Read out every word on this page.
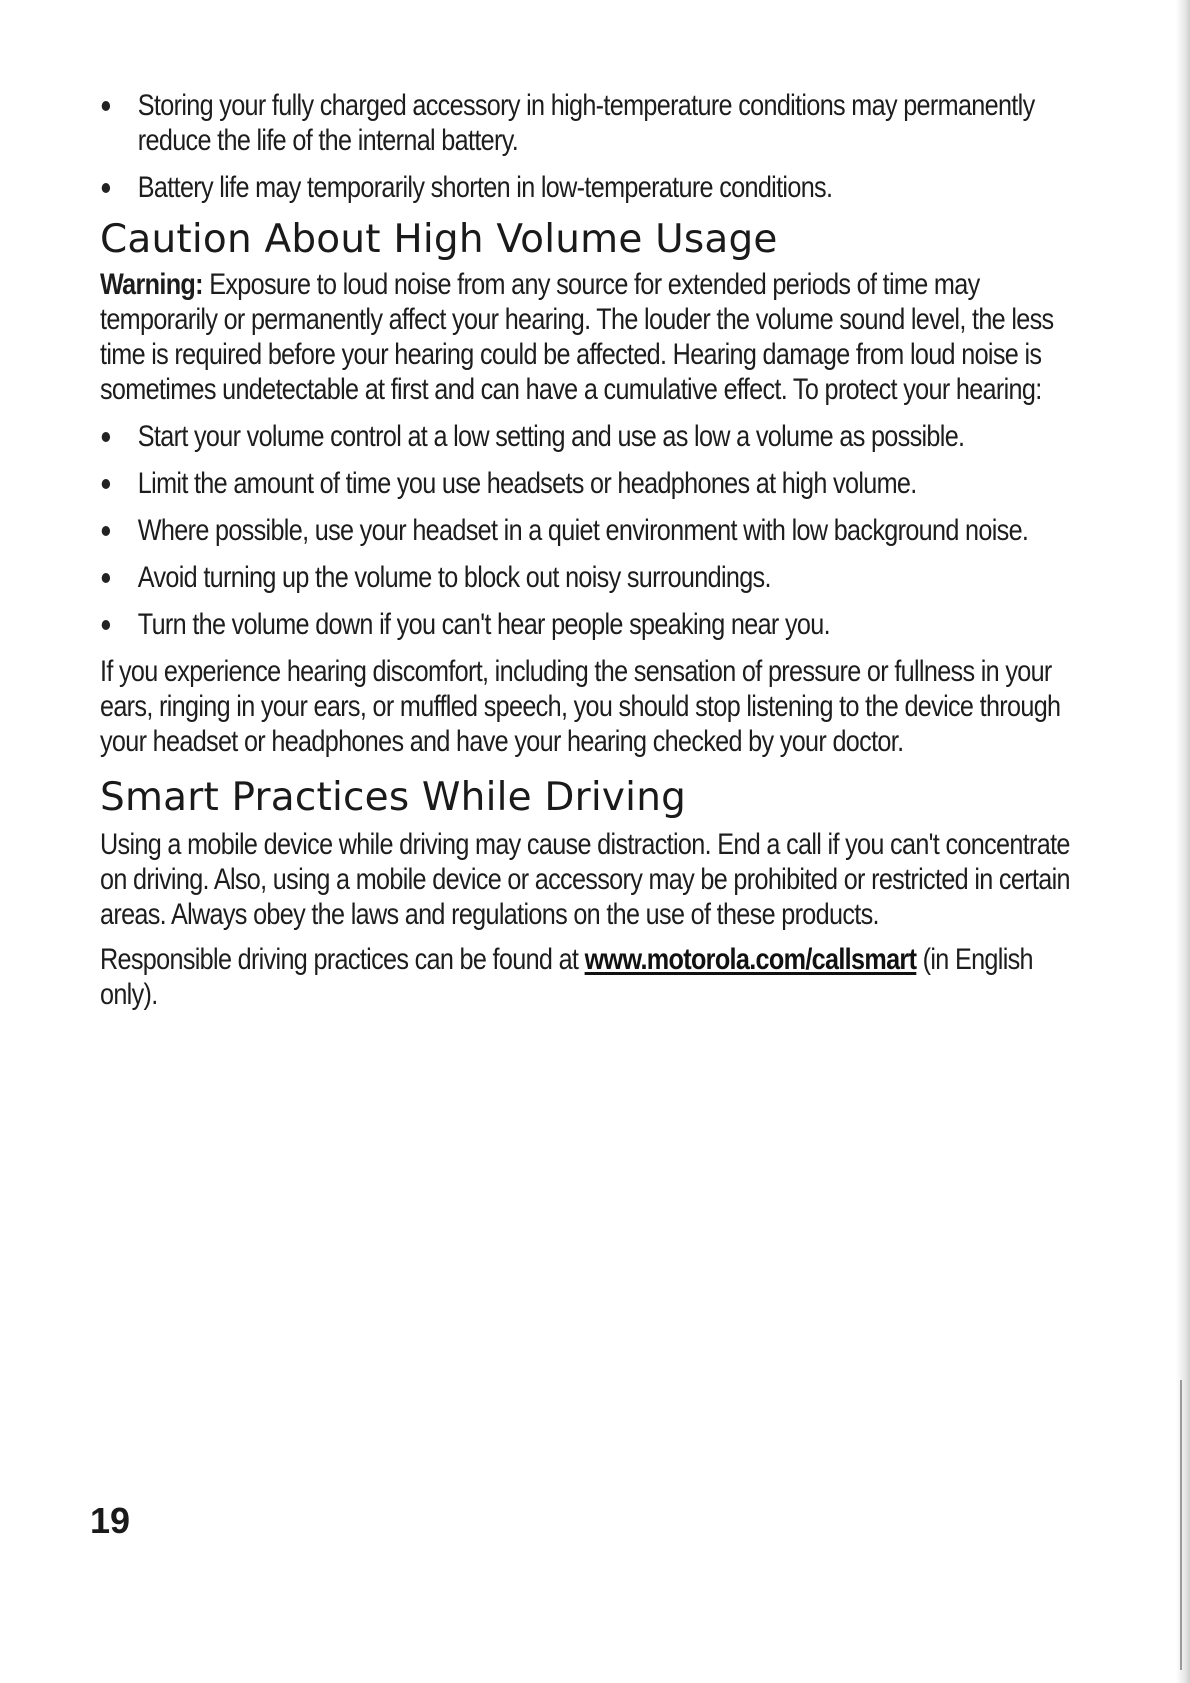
Storing your fully charged accessory in high-temperature conditions may permanently reduce the life of the internal battery.
Battery life may temporarily shorten in low-temperature conditions.
Caution About High Volume Usage

Warning: Exposure to loud noise from any source for extended periods of time may temporarily or permanently affect your hearing. The louder the volume sound level, the less time is required before your hearing could be affected. Hearing damage from loud noise is sometimes undetectable at first and can have a cumulative effect. To protect your hearing:

Start your volume control at a low setting and use as low a volume as possible.
Limit the amount of time you use headsets or headphones at high volume.
Where possible, use your headset in a quiet environment with low background noise.
Avoid turning up the volume to block out noisy surroundings.
Turn the volume down if you can't hear people speaking near you.

If you experience hearing discomfort, including the sensation of pressure or fullness in your ears, ringing in your ears, or muffled speech, you should stop listening to the device through your headset or headphones and have your hearing checked by your doctor.

Smart Practices While Driving

Using a mobile device while driving may cause distraction. End a call if you can't concentrate on driving. Also, using a mobile device or accessory may be prohibited or restricted in certain areas. Always obey the laws and regulations on the use of these products.

Responsible driving practices can be found at www.motorola.com/callsmart (in English only).

19
